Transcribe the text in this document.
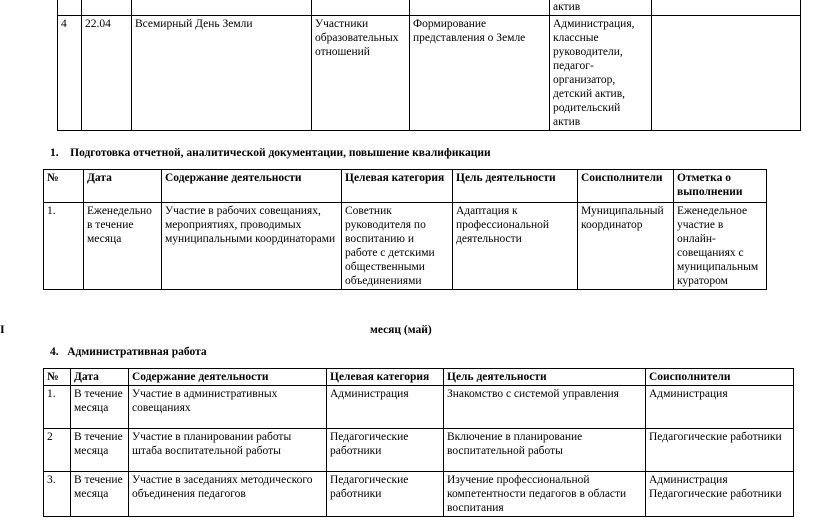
					актив	
4	22.04	Всемирный День Земли	Участники образовательных отношений	Формирование представления о Земле	Администрация, классные руководители, педагог-организатор, детский актив, родительский актив	
1. Подготовка отчетной, аналитической документации, повышение квалификации
№	Дата	Содержание деятельности	Целевая категория	Цель деятельности	Соисполнители	Отметка о выполнении
1.	Еженедельно в течение месяца	Участие в рабочих совещаниях, мероприятиях, проводимых муниципальными координаторами	Советник руководителя по воспитанию и работе с детскими общественными объединениями	Адаптация к профессиональной деятельности	Муниципальный координатор	Еженедельное участие в онлайн-совещаниях с муниципальным куратором
I	месяц (май)
4. Административная работа
№	Дата	Содержание деятельности	Целевая категория	Цель деятельности	Соисполнители
1.	В течение месяца	Участие в административных совещаниях	Администрация	Знакомство с системой управления	Администрация
2	В течение месяца	Участие в планировании работы штаба воспитательной работы	Педагогические работники	Включение в планирование воспитательной работы	Педагогические работники
3.	В течение месяца	Участие в заседаниях методического объединения педагогов	Педагогические работники	Изучение профессиональной компетентности педагогов в области воспитания	Администрация Педагогические работники
